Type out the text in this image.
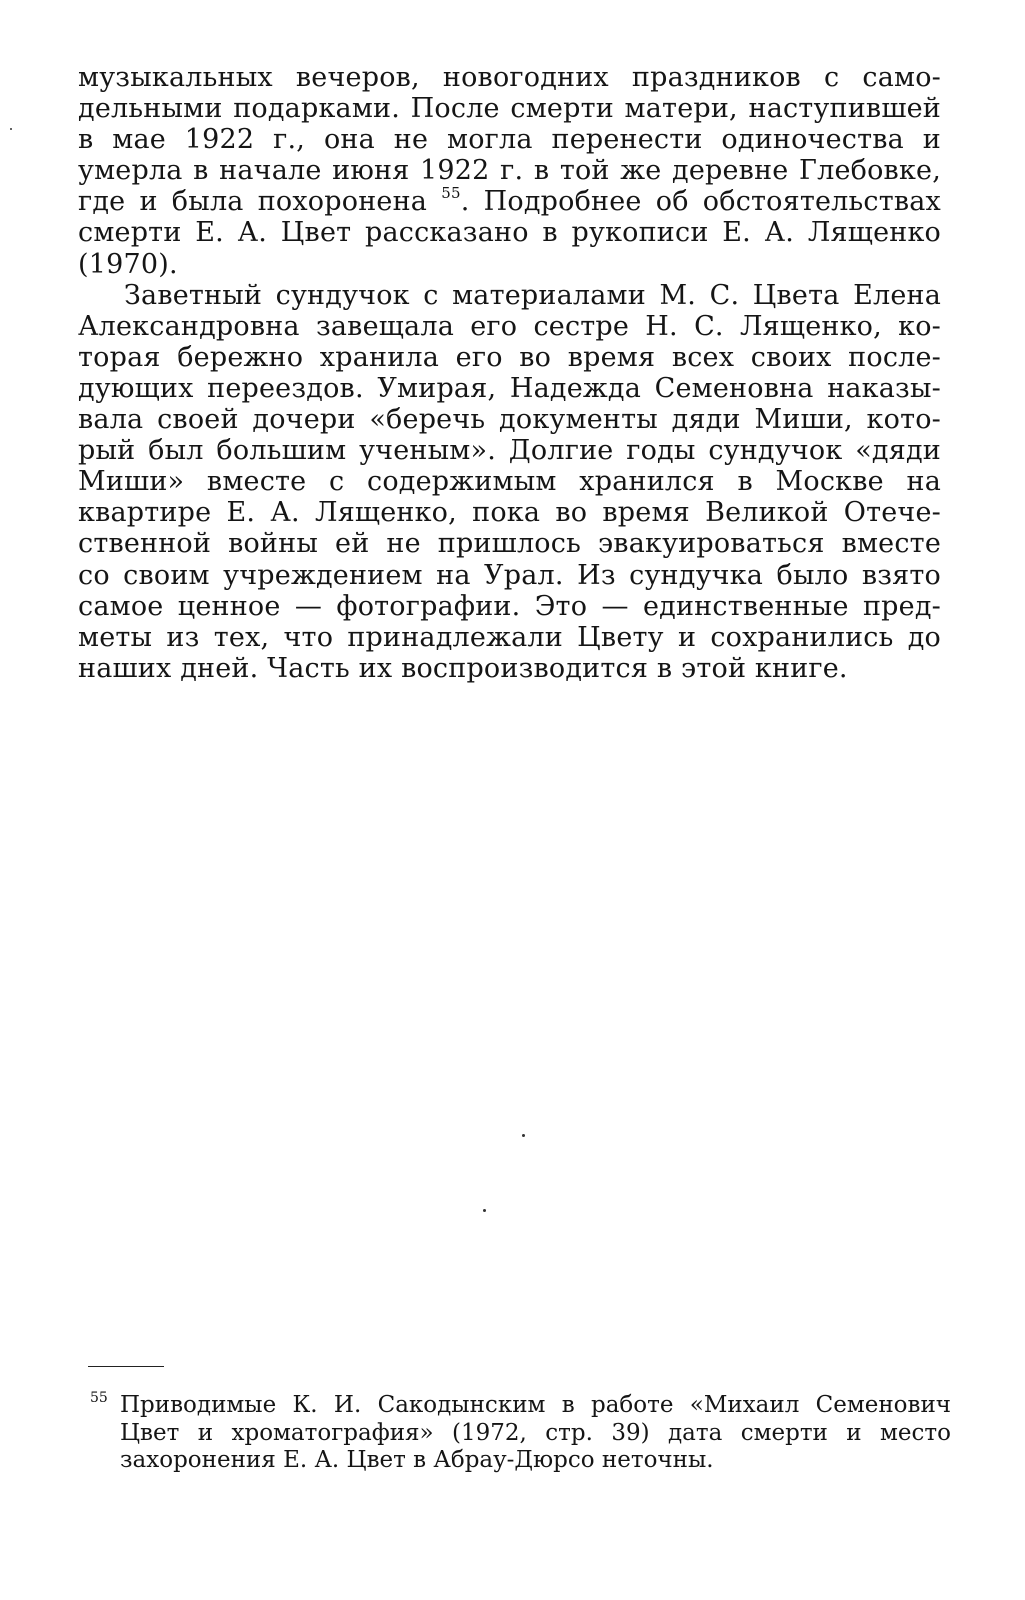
музыкальных вечеров, новогодних праздников с само-
дельными подарками. После смерти матери, наступившей
в мае 1922 г., она не могла перенести одиночества и
умерла в начале июня 1922 г. в той же деревне Глебовке,
где и была похоронена $^{55}$. Подробнее об обстоятельствах
смерти Е. А. Цвет рассказано в рукописи Е. А. Лященко
(1970).
Заветный сундучок с материалами М. С. Цвета Елена
Александровна завещала его сестре Н. С. Лященко, ко-
торая бережно хранила его во время всех своих после-
дующих переездов. Умирая, Надежда Семеновна наказы-
вала своей дочери «беречь документы дяди Миши, кото-
рый был большим ученым». Долгие годы сундучок «дяди
Миши» вместе с содержимым хранился в Москве на
квартире Е. А. Лященко, пока во время Великой Отече-
ственной войны ей не пришлось эвакуироваться вместе
со своим учреждением на Урал. Из сундучка было взято
самое ценное — фотографии. Это — единственные пред-
меты из тех, что принадлежали Цвету и сохранились до
наших дней. Часть их воспроизводится в этой книге.
55 Приводимые К. И. Сакодынским в работе «Михаил Семенович
Цвет и хроматография» (1972, стр. 39) дата смерти и место
захоронения Е. А. Цвет в Абрау-Дюрсо неточны.
